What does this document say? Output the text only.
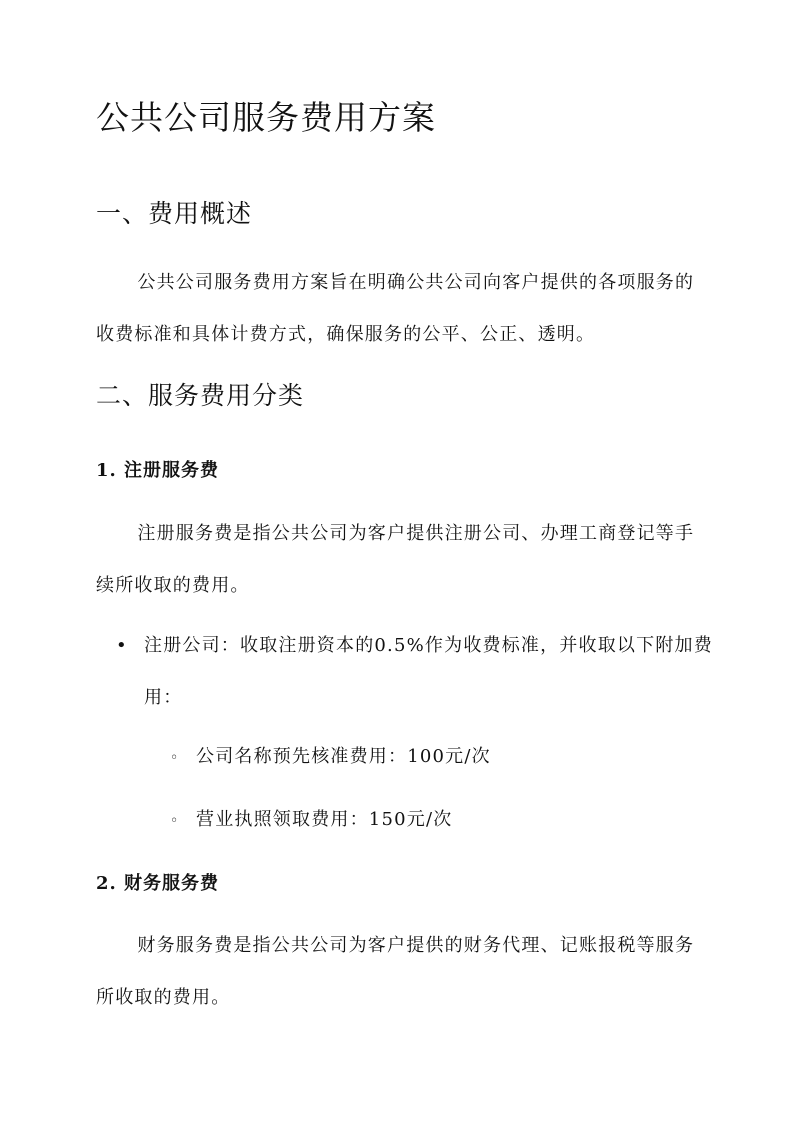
公共公司服务费用方案
一、费用概述

公共公司服务费用方案旨在明确公共公司向客户提供的各项服务的收费标准和具体计费方式，确保服务的公平、公正、透明。

二、服务费用分类
1. 注册服务费

注册服务费是指公共公司为客户提供注册公司、办理工商登记等手续所收取的费用。

• 注册公司：收取注册资本的0.5%作为收费标准，并收取以下附加费用：
◦ 公司名称预先核准费用：100元/次
◦ 营业执照领取费用：150元/次
2. 财务服务费

财务服务费是指公共公司为客户提供的财务代理、记账报税等服务所收取的费用。
